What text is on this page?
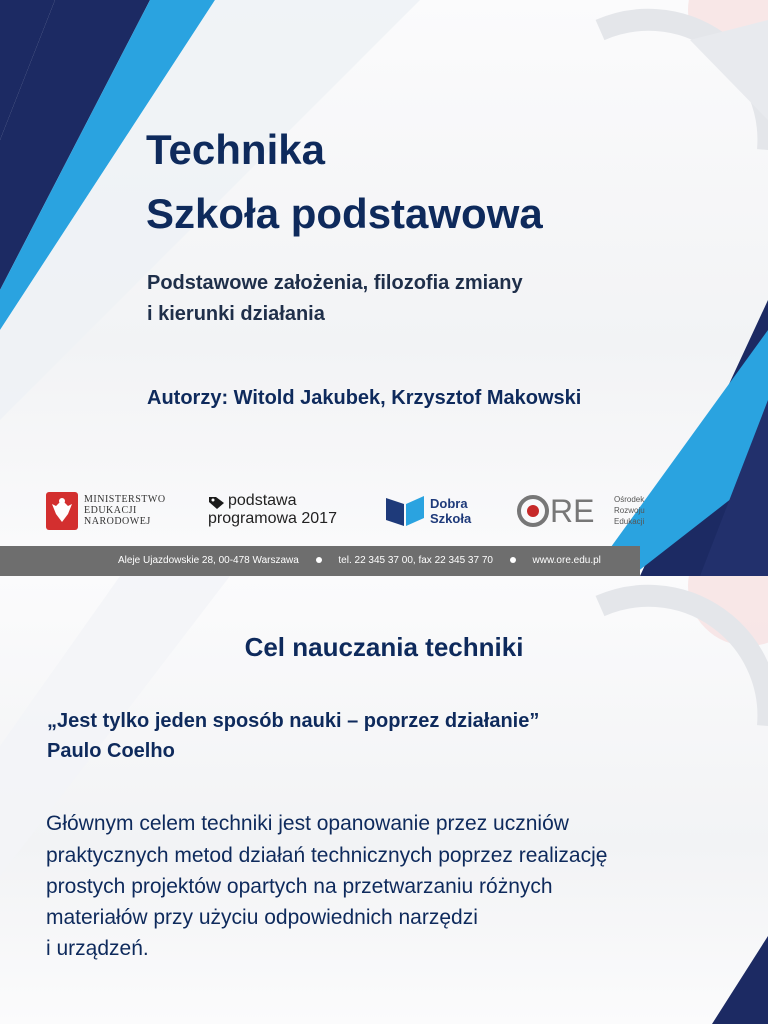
Technika
Szkoła podstawowa
Podstawowe założenia, filozofia zmiany
i kierunki działania
Autorzy: Witold Jakubek, Krzysztof Makowski
MINISTERSTWO
EDUKACJI
NARODOWEJ
podstawa
programowa 2017
Dobra
Szkoła RE Ośrodek
Rozwoju
Edukacji
Aleje Ujazdowskie 28, 00-478 Warszawa	tel. 22 345 37 00, fax 22 345 37 70	www.ore.edu.pl
Cel nauczania techniki
„Jest tylko jeden sposób nauki – poprzez działanie”
Paulo Coelho
Głównym celem techniki jest opanowanie przez uczniów
praktycznych metod działań technicznych poprzez realizację
prostych projektów opartych na przetwarzaniu różnych
materiałów przy użyciu odpowiednich narzędzi
i urządzeń.
